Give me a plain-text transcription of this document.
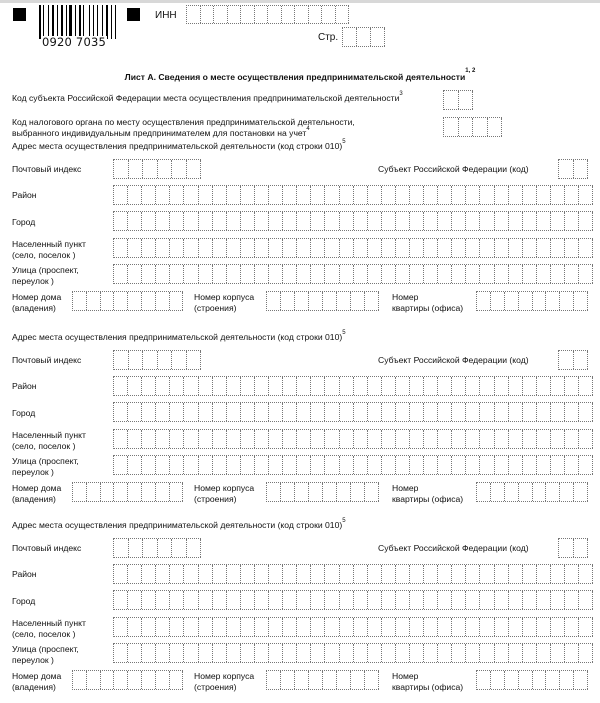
0920 7035
ИНН
Стр.
Лист А. Сведения о месте осуществления предпринимательской деятельности$^{1, 2}$
Код субъекта Российской Федерации места осуществления предпринимательской деятельности$^3$
Код налогового органа по месту осуществления предпринимательской деятельности,
выбранного индивидуальным предпринимателем для постановки на учет$^4$
Адрес места осуществления предпринимательской деятельности (код строки 010)$^5$
Почтовый индекс	Субъект Российской Федерации (код)
Район
Город
Населенный пункт
(село, поселок )
Улица (проспект,
переулок )
Номер дома
(владения)
Номер корпуса
(строения)
Номер
квартиры (офиса)
Адрес места осуществления предпринимательской деятельности (код строки 010)$^5$
Почтовый индекс	Субъект Российской Федерации (код)
Район
Город
Населенный пункт
(село, поселок )
Улица (проспект,
переулок )
Номер дома
(владения)
Номер корпуса
(строения)
Номер
квартиры (офиса)
Адрес места осуществления предпринимательской деятельности (код строки 010)$^5$
Почтовый индекс	Субъект Российской Федерации (код)
Район
Город
Населенный пункт
(село, поселок )
Улица (проспект,
переулок )
Номер дома
(владения)
Номер корпуса
(строения)
Номер
квартиры (офиса)
